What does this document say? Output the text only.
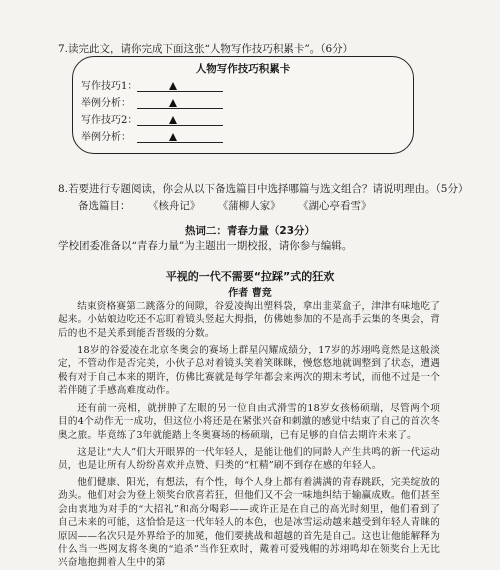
7.读完此文，请你完成下面这张“人物写作技巧积累卡”。（6分）
人物写作技巧积累卡
写作技巧1：
举例分析：
写作技巧2：
举例分析：
8.若要进行专题阅读，你会从以下备选篇目中选择哪篇与选文组合？请说明理由。（5分）
备选篇目： 《核舟记》 《蒲柳人家》 《湖心亭看雪》
热词二：青春力量（23分）
学校团委准备以“青春力量”为主题出一期校报，请你参与编辑。
平视的一代不需要“拉踩”式的狂欢
作者 曹竞
结束资格赛第二跳落分的间隙，谷爱凌掏出塑料袋，拿出韭菜盒子，津津有味地吃了起来。小姑娘边吃还不忘盯着镜头竖起大拇指，仿佛她参加的不是高手云集的冬奥会，背后的也不是关系到能否晋级的分数。
18岁的谷爱凌在北京冬奥会的赛场上群星闪耀成绩分，17岁的苏翊鸣竟然是这般淡定，不管动作是否完美，小伙子总对着镜头笑着笑眯眯，慢悠悠地就调整到了状态，遭遇极有对于自己本来的期许，仿佛比赛就是每学年都会来两次的期末考试，而他不过是一个若伴随了手感高难度动作。
还有前一亮相，就拼肿了左眼的另一位自由式滑雪的18岁女孩杨硕瑞，尽管两个项目的4个动作无一成功，但这位小将还是在紧张兴奋和刺激的感觉中结束了自己的首次冬奥之旅。毕竟练了3年就能踏上冬奥赛场的杨硕瑞，已有足够的自信去期许未来了。
这是让“大人”们大开眼界的一代年轻人，是能让他们的同龄人产生共鸣的新一代运动员，也是让所有人纷纷喜欢并点赞、归类的“杠精”刷不到存在感的年轻人。
他们健康、阳光，有想法，有个性，每个人身上都有着满满的青春跳跃，完美绽放的劲头。他们对会为登上领奖台欣喜若狂，但他们又不会一味地纠结于输赢成败。他们甚至会由衷地为对手的“大招礼”和高分喝彩——或许正是在自己的高光时刻里，他们看到了自己未来的可能，这恰恰是这一代年轻人的本色，也是冰雪运动越来越受到年轻人青睐的原因——名次只是外界给予的加冕，他们要挑战和超越的首先是自己。这也让他能解释为什么当一些网友将冬奥的“追杀”当作狂欢时，戴着可爱残帽的苏翊鸣却在领奖台上无比兴奋地抱拥着人生中的第
